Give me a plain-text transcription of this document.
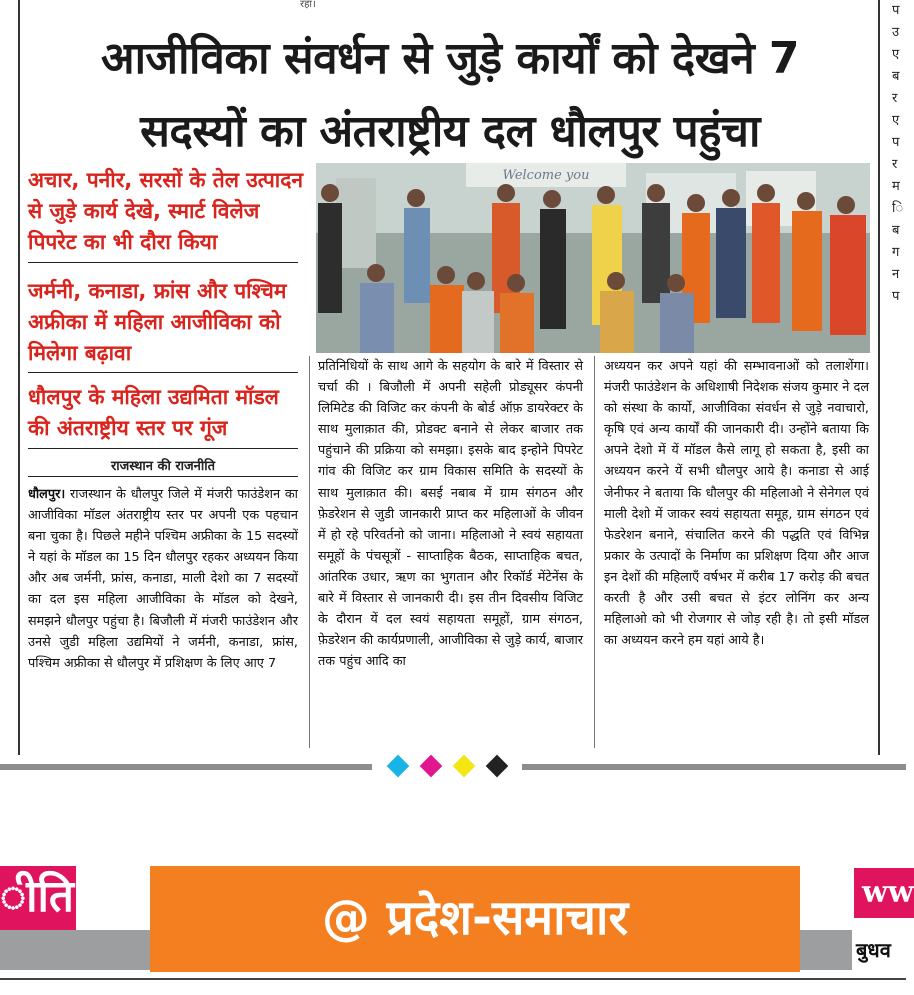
रहा।	प
उ
ए
ब
र
ए
प
र
म
ि
ब
ग
न
प
आजीविका संवर्धन से जुड़े कार्यों को देखने 7
सदस्यों का अंतराष्ट्रीय दल धौलपुर पहुंचा
अचार, पनीर, सरसों के तेल उत्पादन से जुड़े कार्य देखे, स्मार्ट विलेज पिपरेट का भी दौरा किया
जर्मनी, कनाडा, फ्रांस और पश्चिम अफ्रीका में महिला आजीविका को मिलेगा बढ़ावा
धौलपुर के महिला उद्यमिता मॉडल की अंतराष्ट्रीय स्तर पर गूंज
राजस्थान की राजनीति
Welcome you
धौलपुर। राजस्थान के धौलपुर जिले में मंजरी फाउंडेशन का आजीविका मॉडल अंतराष्ट्रीय स्तर पर अपनी एक पहचान बना चुका है। पिछले महीने पश्चिम अफ्रीका के 15 सदस्यों ने यहां के मॉडल का 15 दिन धौलपुर रहकर अध्ययन किया और अब जर्मनी, फ्रांस, कनाडा, माली देशो का 7 सदस्यों का दल इस महिला आजीविका के मॉडल को देखने, समझने धौलपुर पहुंचा है। बिजौली में मंजरी फाउंडेशन और उनसे जुडी महिला उद्यमियों ने जर्मनी, कनाडा, फ्रांस, पश्चिम अफ्रीका से धौलपुर में प्रशिक्षण के लिए आए 7
प्रतिनिधियों के साथ आगे के सहयोग के बारे में विस्तार से चर्चा की । बिजौली में अपनी सहेली प्रोड्यूसर कंपनी लिमिटेड की विजिट कर कंपनी के बोर्ड ऑफ़ डायरेक्टर के साथ मुलाक़ात की, प्रोडक्ट बनाने से लेकर बाजार तक पहुंचाने की प्रक्रिया को समझा। इसके बाद इन्होने पिपरेट गांव की विजिट कर ग्राम विकास समिति के सदस्यों के साथ मुलाक़ात की। बसई नबाब में ग्राम संगठन और फ़ेडरेशन से जुडी जानकारी प्राप्त कर महिलाओं के जीवन में हो रहे परिवर्तनो को जाना। महिलाओ ने स्वयं सहायता समूहों के पंचसूत्रों - साप्ताहिक बैठक, साप्ताहिक बचत, आंतरिक उधार, ऋण का भुगतान और रिकॉर्ड मेंटेनेंस के बारे में विस्तार से जानकारी दी। इस तीन दिवसीय विजिट के दौरान यें दल स्वयं सहायता समूहों, ग्राम संगठन, फ़ेडरेशन की कार्यप्रणाली, आजीविका से जुड़े कार्य, बाजार तक पहुंच आदि का
अध्ययन कर अपने यहां की सम्भावनाओं को तलाशेंगा। मंजरी फाउंडेशन के अधिशाषी निदेशक संजय कुमार ने दल को संस्था के कार्यो, आजीविका संवर्धन से जुड़े नवाचारो, कृषि एवं अन्य कार्यों की जानकारी दी। उन्होंने बताया कि अपने देशो में यें मॉडल कैसे लागू हो सकता है, इसी का अध्ययन करने यें सभी धौलपुर आये है। कनाडा से आई जेनीफर ने बताया कि धौलपुर की महिलाओ ने सेनेगल एवं माली देशो में जाकर स्वयं सहायता समूह, ग्राम संगठन एवं फेडरेशन बनाने, संचालित करने की पद्धति एवं विभिन्न प्रकार के उत्पादों के निर्माण का प्रशिक्षण दिया और आज इन देशों की महिलाएँ वर्षभर में करीब 17 करोड़ की बचत करती है और उसी बचत से इंटर लोनिंग कर अन्य महिलाओ को भी रोजगार से जोड़ रही है। तो इसी मॉडल का अध्ययन करने हम यहां आये है।
ीति	@ प्रदेश-समाचार	ww
बुधव
